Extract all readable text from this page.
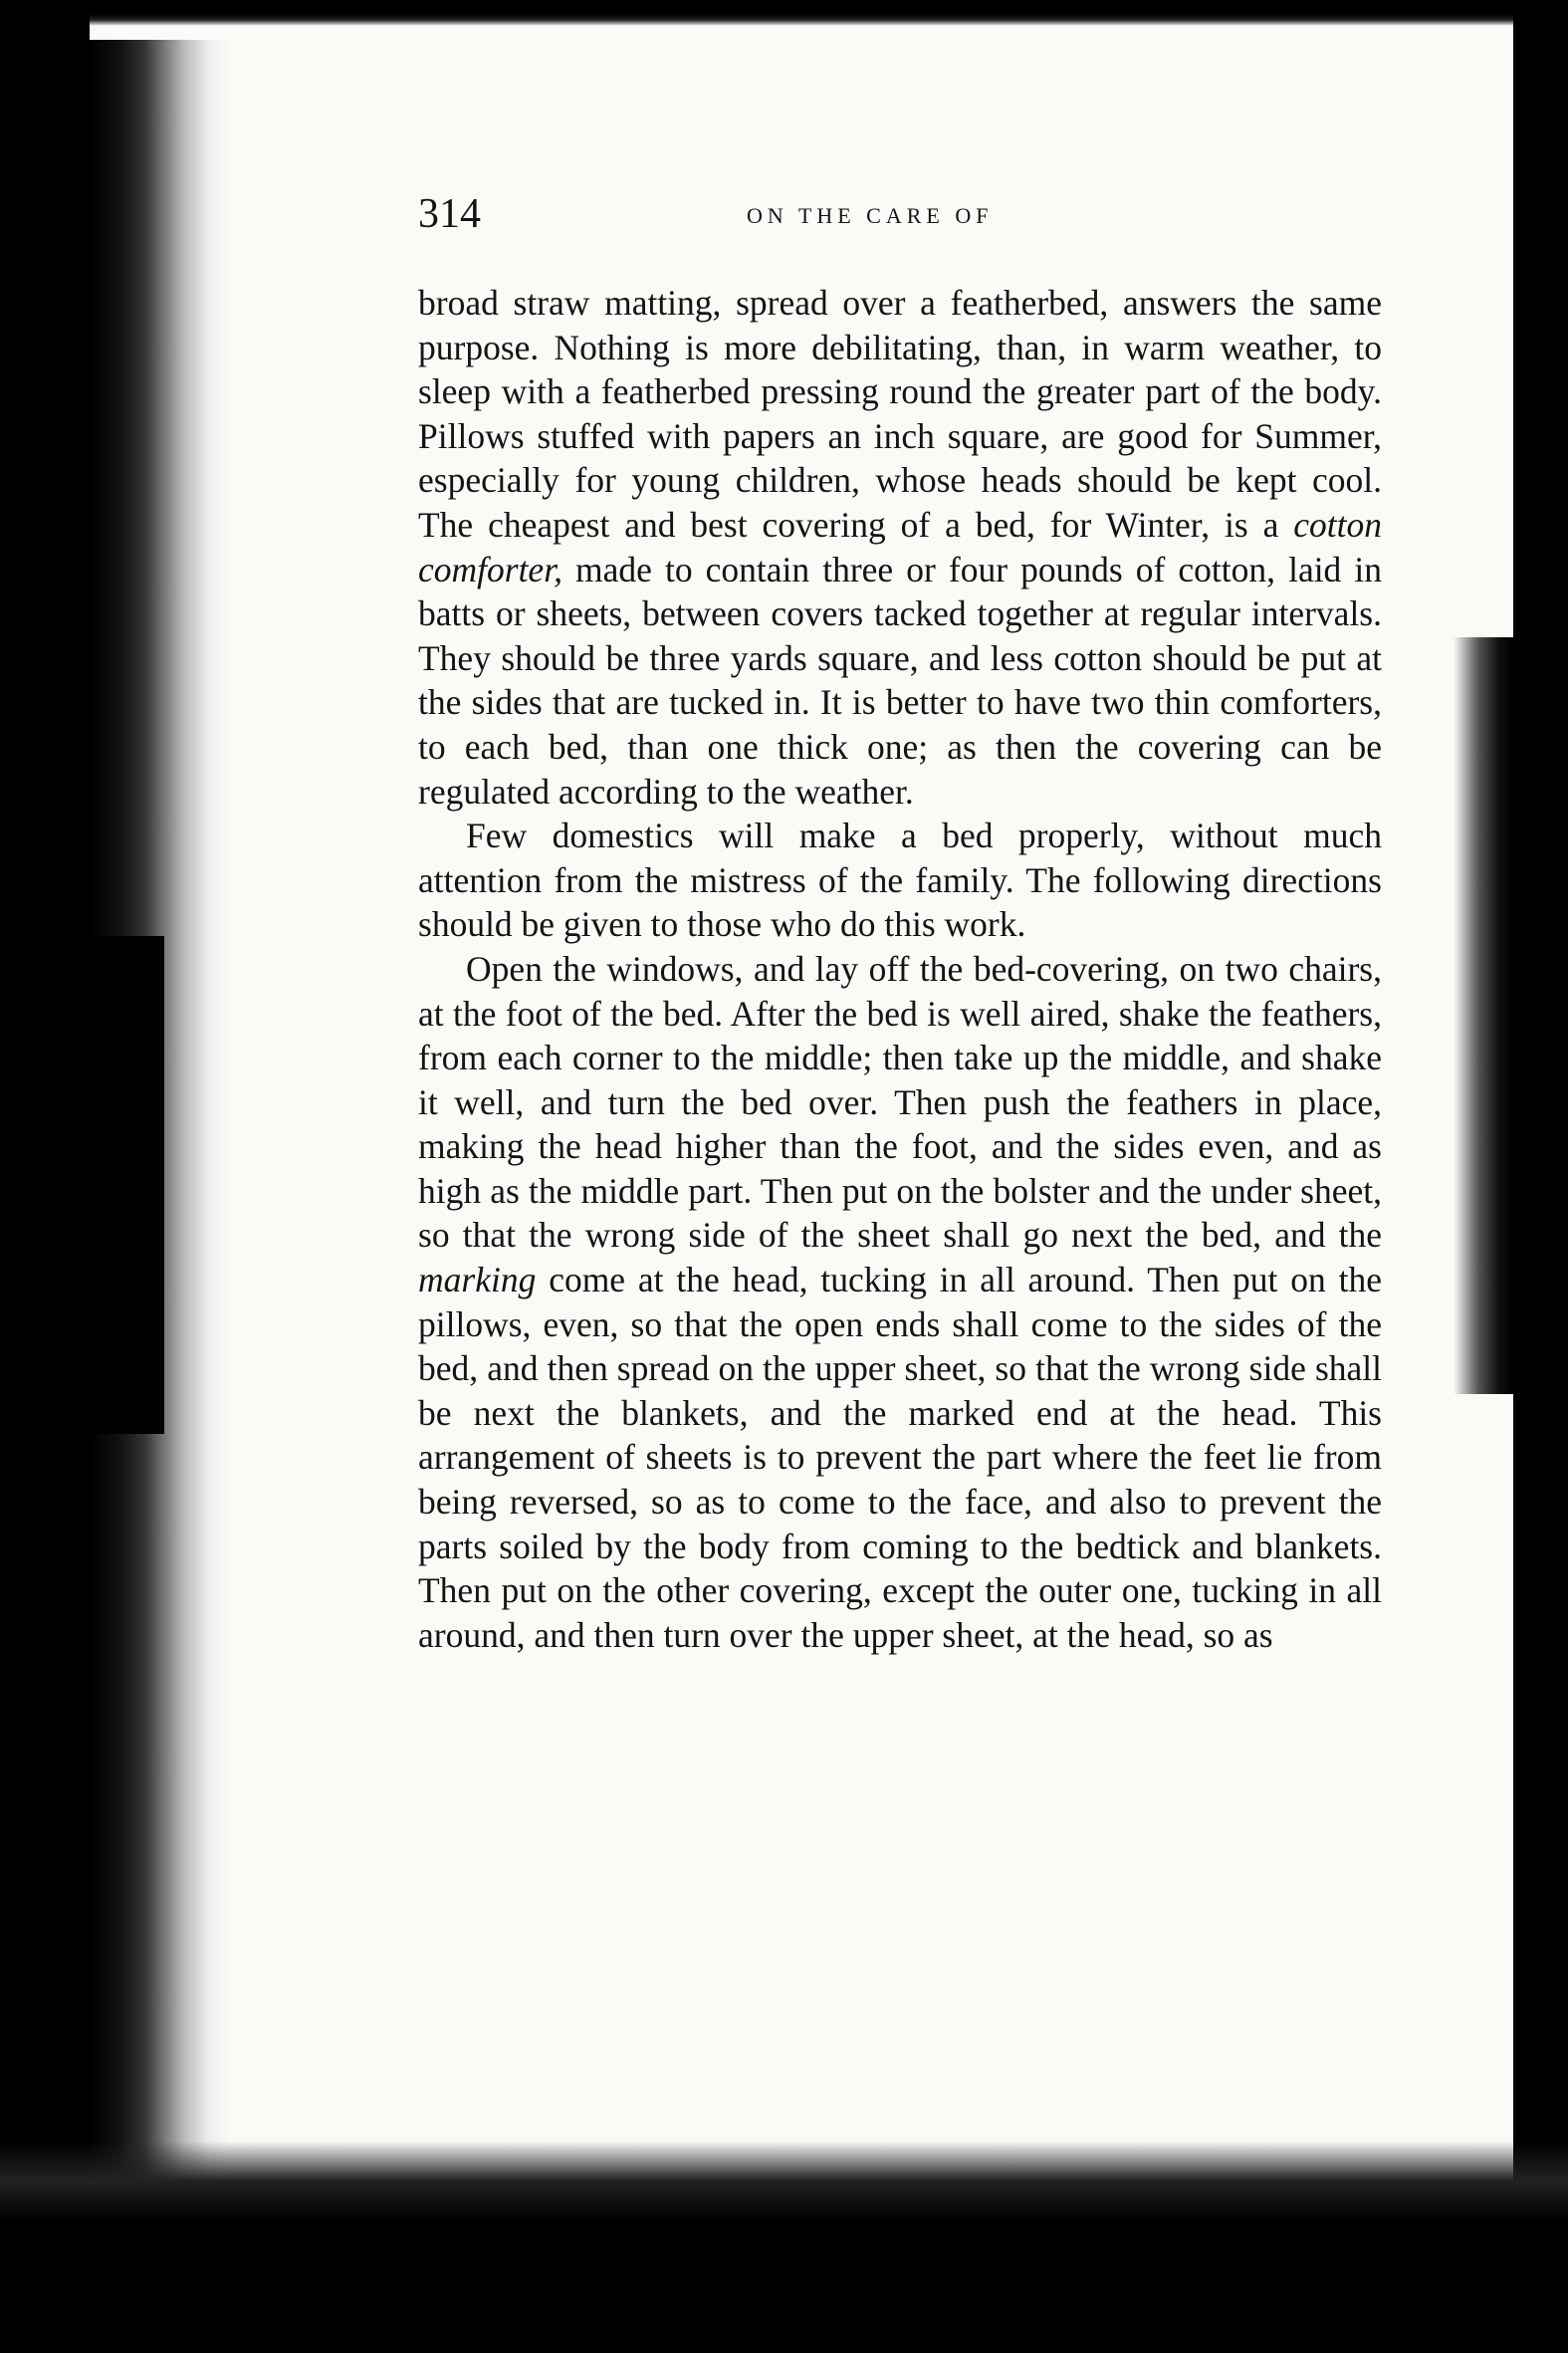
314	ON THE CARE OF

broad straw matting, spread over a featherbed, answers the same purpose. Nothing is more debilitating, than, in warm weather, to sleep with a featherbed pressing round the greater part of the body. Pillows stuffed with papers an inch square, are good for Summer, especially for young children, whose heads should be kept cool. The cheapest and best covering of a bed, for Winter, is a cotton comforter, made to contain three or four pounds of cotton, laid in batts or sheets, between covers tacked together at regular intervals. They should be three yards square, and less cotton should be put at the sides that are tucked in. It is better to have two thin comforters, to each bed, than one thick one; as then the covering can be regulated according to the weather.

Few domestics will make a bed properly, without much attention from the mistress of the family. The following directions should be given to those who do this work.

Open the windows, and lay off the bed-covering, on two chairs, at the foot of the bed. After the bed is well aired, shake the feathers, from each corner to the middle; then take up the middle, and shake it well, and turn the bed over. Then push the feathers in place, making the head higher than the foot, and the sides even, and as high as the middle part. Then put on the bolster and the under sheet, so that the wrong side of the sheet shall go next the bed, and the marking come at the head, tucking in all around. Then put on the pillows, even, so that the open ends shall come to the sides of the bed, and then spread on the upper sheet, so that the wrong side shall be next the blankets, and the marked end at the head. This arrangement of sheets is to prevent the part where the feet lie from being reversed, so as to come to the face, and also to prevent the parts soiled by the body from coming to the bedtick and blankets. Then put on the other covering, except the outer one, tucking in all around, and then turn over the upper sheet, at the head, so as
